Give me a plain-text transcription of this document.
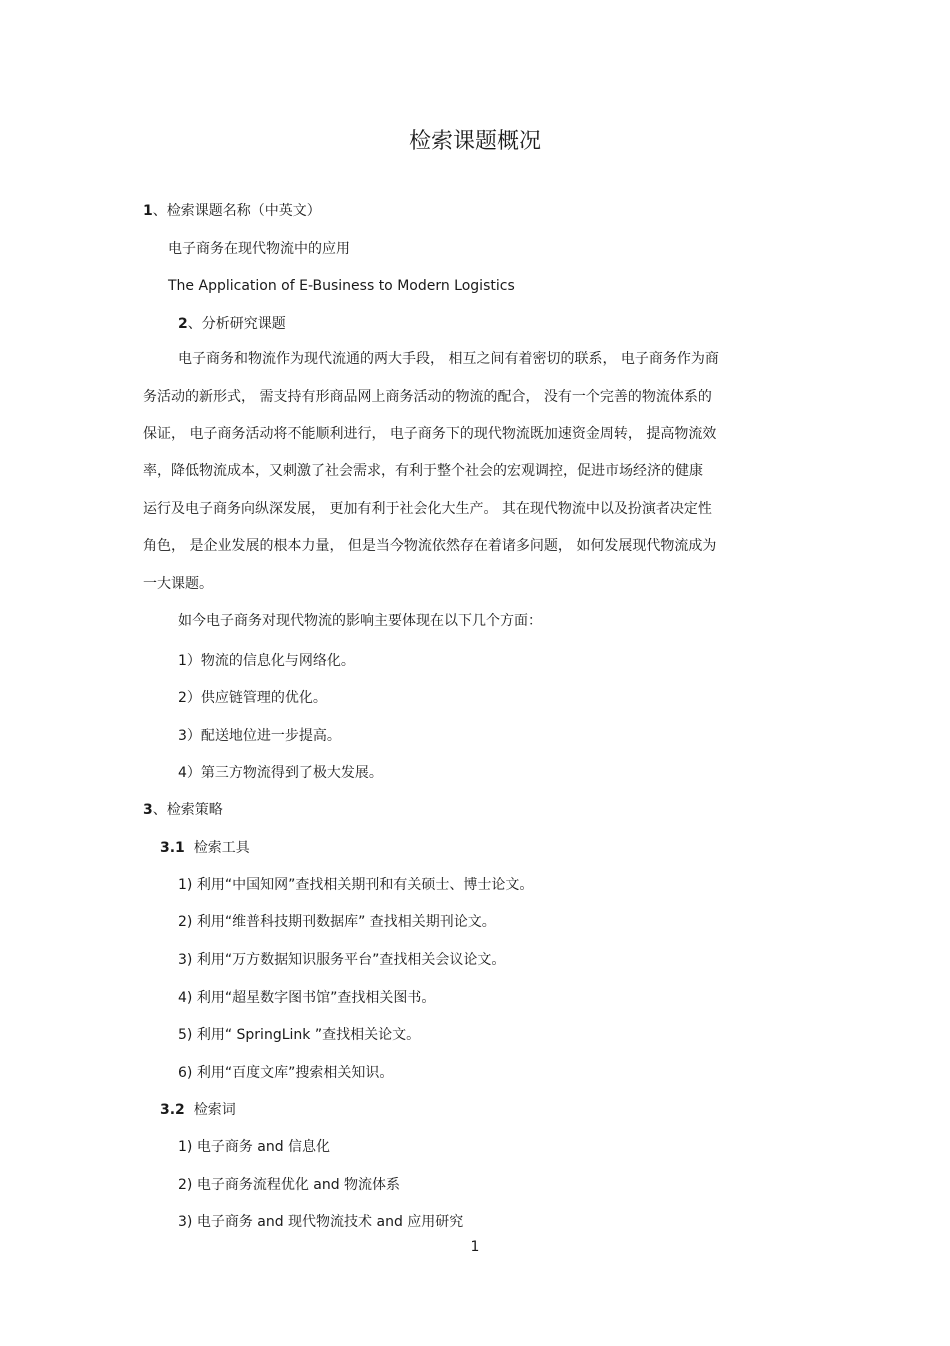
检索课题概况

1、检索课题名称（中英文）

电子商务在现代物流中的应用

The Application of E-Business to Modern Logistics

2、分析研究课题

电子商务和物流作为现代流通的两大手段， 相互之间有着密切的联系， 电子商务作为商

务活动的新形式， 需支持有形商品网上商务活动的物流的配合， 没有一个完善的物流体系的

保证， 电子商务活动将不能顺利进行， 电子商务下的现代物流既加速资金周转， 提高物流效

率，降低物流成本，又刺激了社会需求，有利于整个社会的宏观调控，促进市场经济的健康

运行及电子商务向纵深发展， 更加有利于社会化大生产。 其在现代物流中以及扮演者决定性

角色， 是企业发展的根本力量， 但是当今物流依然存在着诸多问题， 如何发展现代物流成为

一大课题。

如今电子商务对现代物流的影响主要体现在以下几个方面：

1）物流的信息化与网络化。

2）供应链管理的优化。

3）配送地位进一步提高。

4）第三方物流得到了极大发展。

3、检索策略

3.1 检索工具

1) 利用“中国知网”查找相关期刊和有关硕士、博士论文。

2) 利用“维普科技期刊数据库” 查找相关期刊论文。

3) 利用“万方数据知识服务平台”查找相关会议论文。

4) 利用“超星数字图书馆”查找相关图书。

5) 利用“ SpringLink ”查找相关论文。

6) 利用“百度文库”搜索相关知识。

3.2 检索词

1) 电子商务 and 信息化

2) 电子商务流程优化 and 物流体系

3) 电子商务 and 现代物流技术 and 应用研究

1
